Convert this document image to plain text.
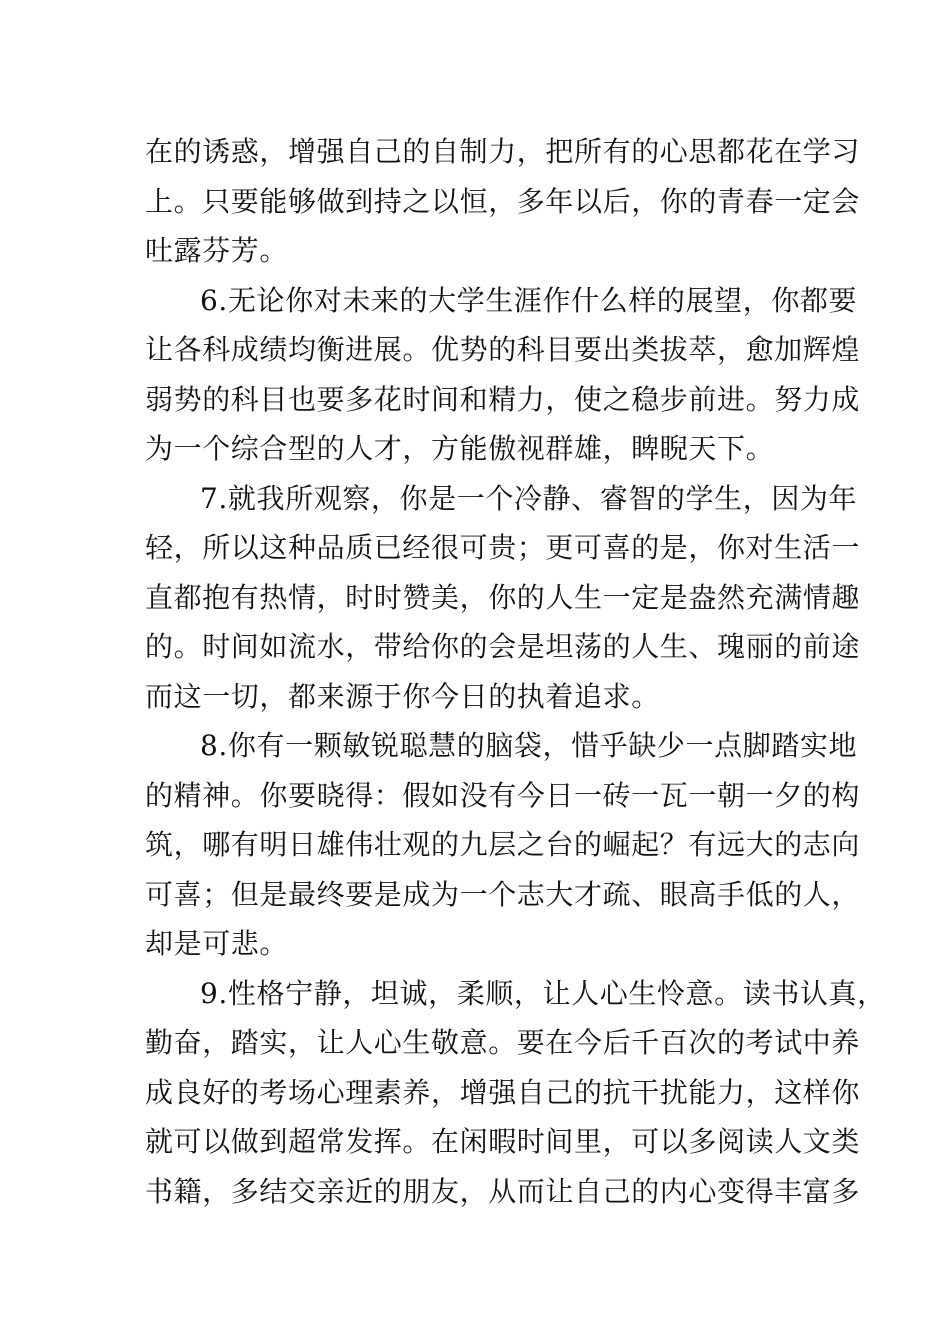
在的诱惑，增强自己的自制力，把所有的心思都花在学习
上。只要能够做到持之以恒，多年以后，你的青春一定会
吐露芬芳。
6.无论你对未来的大学生涯作什么样的展望，你都要
让各科成绩均衡进展。优势的科目要出类拔萃，愈加辉煌
弱势的科目也要多花时间和精力，使之稳步前进。努力成
为一个综合型的人才，方能傲视群雄，睥睨天下。
7.就我所观察，你是一个冷静、睿智的学生，因为年
轻，所以这种品质已经很可贵；更可喜的是，你对生活一
直都抱有热情，时时赞美，你的人生一定是盎然充满情趣
的。时间如流水，带给你的会是坦荡的人生、瑰丽的前途
而这一切，都来源于你今日的执着追求。
8.你有一颗敏锐聪慧的脑袋，惜乎缺少一点脚踏实地
的精神。你要晓得：假如没有今日一砖一瓦一朝一夕的构
筑，哪有明日雄伟壮观的九层之台的崛起？有远大的志向
可喜；但是最终要是成为一个志大才疏、眼高手低的人，
却是可悲。
9.性格宁静，坦诚，柔顺，让人心生怜意。读书认真，
勤奋，踏实，让人心生敬意。要在今后千百次的考试中养
成良好的考场心理素养，增强自己的抗干扰能力，这样你
就可以做到超常发挥。在闲暇时间里，可以多阅读人文类
书籍，多结交亲近的朋友，从而让自己的内心变得丰富多
